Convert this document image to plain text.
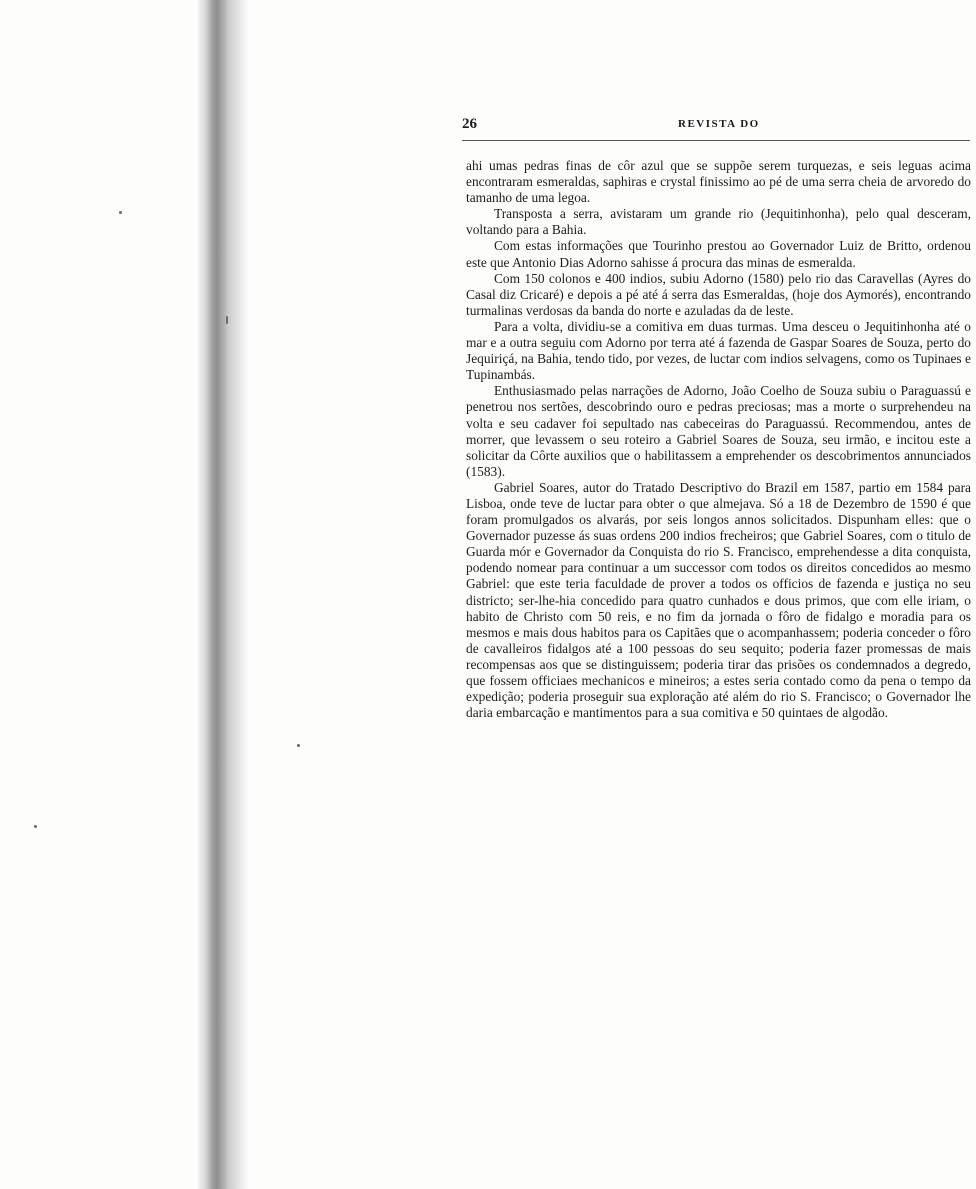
26	REVISTA DO

ahi umas pedras finas de côr azul que se suppõe serem turquezas, e seis leguas acima encontraram esmeraldas, saphiras e crystal finissimo ao pé de uma serra cheia de arvoredo do tamanho de uma legoa.

Transposta a serra, avistaram um grande rio (Jequitinhonha), pelo qual desceram, voltando para a Bahia.

Com estas informações que Tourinho prestou ao Governador Luiz de Britto, ordenou este que Antonio Dias Adorno sahisse á procura das minas de esmeralda.

Com 150 colonos e 400 indios, subiu Adorno (1580) pelo rio das Caravellas (Ayres do Casal diz Cricaré) e depois a pé até á serra das Esmeraldas, (hoje dos Aymorés), encontrando turmalinas verdosas da banda do norte e azuladas da de leste.

Para a volta, dividiu-se a comitiva em duas turmas. Uma desceu o Jequitinhonha até o mar e a outra seguiu com Adorno por terra até á fazenda de Gaspar Soares de Souza, perto do Jequiriçá, na Bahia, tendo tido, por vezes, de luctar com indios selvagens, como os Tupinaes e Tupinambás.

Enthusiasmado pelas narrações de Adorno, João Coelho de Souza subiu o Paraguassú e penetrou nos sertões, descobrindo ouro e pedras preciosas; mas a morte o surprehendeu na volta e seu cadaver foi sepultado nas cabeceiras do Paraguassú. Recommendou, antes de morrer, que levassem o seu roteiro a Gabriel Soares de Souza, seu irmão, e incitou este a solicitar da Côrte auxilios que o habilitassem a emprehender os descobrimentos annunciados (1583).

Gabriel Soares, autor do Tratado Descriptivo do Brazil em 1587, partio em 1584 para Lisboa, onde teve de luctar para obter o que almejava. Só a 18 de Dezembro de 1590 é que foram promulgados os alvarás, por seis longos annos solicitados. Dispunham elles: que o Governador puzesse ás suas ordens 200 indios frecheiros; que Gabriel Soares, com o titulo de Guarda mór e Governador da Conquista do rio S. Francisco, emprehendesse a dita conquista, podendo nomear para continuar a um successor com todos os direitos concedidos ao mesmo Gabriel: que este teria faculdade de prover a todos os officios de fazenda e justiça no seu districto; ser-lhe-hia concedido para quatro cunhados e dous primos, que com elle iriam, o habito de Christo com 50 reis, e no fim da jornada o fôro de fidalgo e moradia para os mesmos e mais dous habitos para os Capitães que o acompanhassem; poderia conceder o fôro de cavalleiros fidalgos até a 100 pessoas do seu sequito; poderia fazer promessas de mais recompensas aos que se distinguissem; poderia tirar das prisões os condemnados a degredo, que fossem officiaes mechanicos e mineiros; a estes seria contado como da pena o tempo da expedição; poderia proseguir sua exploração até além do rio S. Francisco; o Governador lhe daria embarcação e mantimentos para a sua comitiva e 50 quintaes de algodão.
